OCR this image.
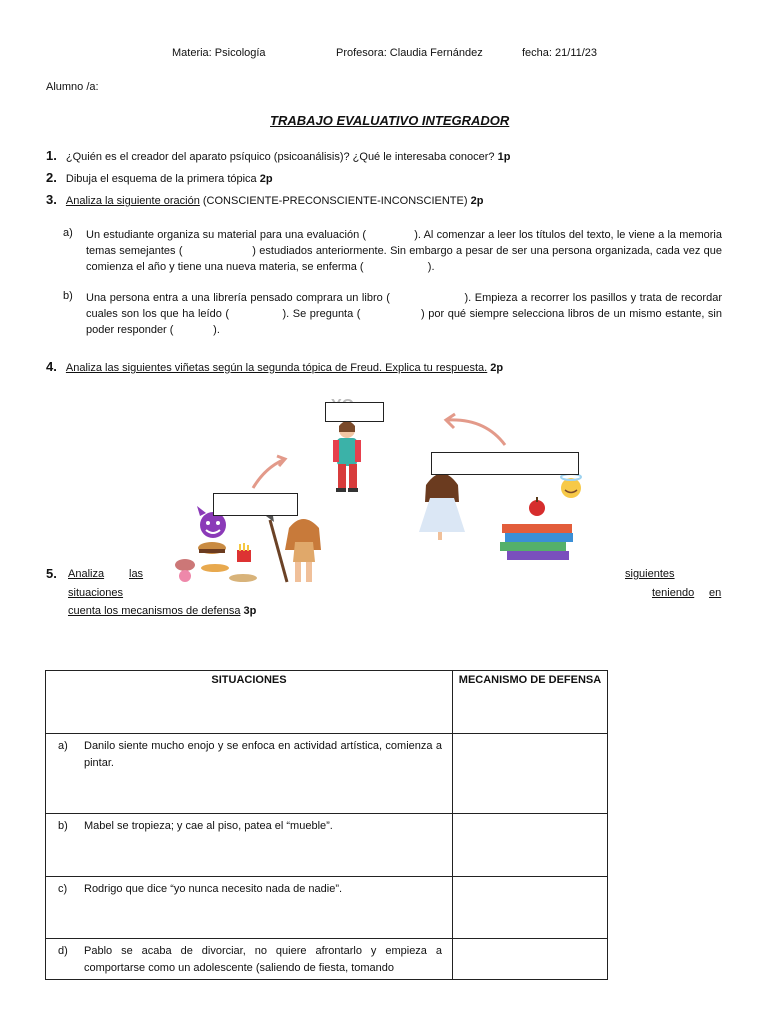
Materia: Psicología	Profesora: Claudia Fernández	fecha: 21/11/23
Alumno /a:
TRABAJO EVALUATIVO INTEGRADOR
1. ¿Quién es el creador del aparato psíquico (psicoanálisis)? ¿Qué le interesaba conocer? 1p
2. Dibuja el esquema de la primera tópica 2p
3. Analiza la siguiente oración (CONSCIENTE-PRECONSCIENTE-INCONSCIENTE) 2p
a) Un estudiante organiza su material para una evaluación (               ). Al comenzar a leer los títulos del texto, le viene a la memoria temas semejantes (                     ) estudiados anteriormente. Sin embargo a pesar de ser una persona organizada, cada vez que comienza el año y tiene una nueva materia, se enferma (                     ).
b) Una persona entra a una librería pensado comprara un libro (                     ). Empieza a recorrer los pasillos y trata de recordar cuales son los que ha leído (               ). Se pregunta (                 ) por qué siempre selecciona libros de un mismo estante, sin poder responder (             ).
4. Analiza las siguientes viñetas según la segunda tópica de Freud. Explica tu respuesta. 2p
5. Analiza las	siguientes
situaciones	teniendo en
cuenta los mecanismos de defensa 3p
SITUACIONES	MECANISMO DE DEFENSA

a) Danilo siente mucho enojo y se enfoca en actividad artística, comienza a pintar.	

b) Mabel se tropieza; y cae al piso, patea el “mueble”.	

c) Rodrigo que dice “yo nunca necesito nada de nadie”.	

d) Pablo se acaba de divorciar, no quiere afrontarlo y empieza a comportarse como un adolescente (saliendo de fiesta, tomando	
